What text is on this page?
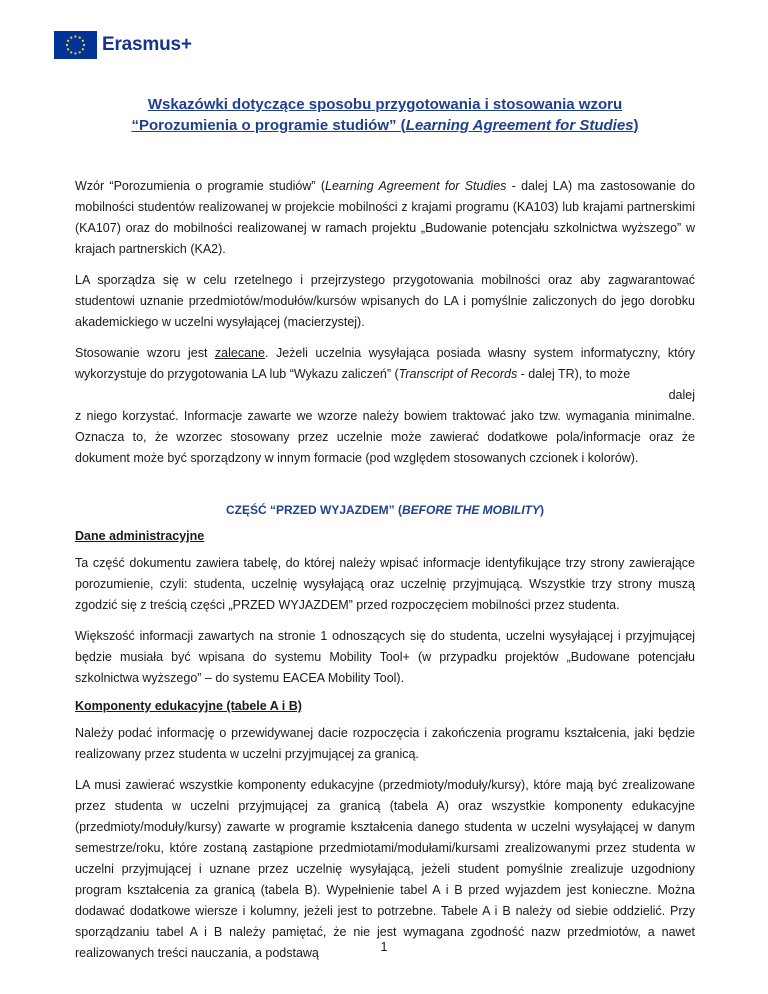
Erasmus+
Wskazówki dotyczące sposobu przygotowania i stosowania wzoru
“Porozumienia o programie studiów” (Learning Agreement for Studies)

Wzór “Porozumienia o programie studiów” (Learning Agreement for Studies - dalej LA) ma zastosowanie do mobilności studentów realizowanej w projekcie mobilności z krajami programu (KA103) lub krajami partnerskimi (KA107) oraz do mobilności realizowanej w ramach projektu „Budowanie potencjału szkolnictwa wyższego” w krajach partnerskich (KA2).

LA sporządza się w celu rzetelnego i przejrzystego przygotowania mobilności oraz aby zagwarantować studentowi uznanie przedmiotów/modułów/kursów wpisanych do LA i pomyślnie zaliczonych do jego dorobku akademickiego w uczelni wysyłającej (macierzystej).

Stosowanie wzoru jest zalecane. Jeżeli uczelnia wysyłająca posiada własny system informatyczny, który wykorzystuje do przygotowania LA lub “Wykazu zaliczeń” (Transcript of Records - dalej TR), to może
dalej
z niego korzystać. Informacje zawarte we wzorze należy bowiem traktować jako tzw. wymagania minimalne. Oznacza to, że wzorzec stosowany przez uczelnie może zawierać dodatkowe pola/informacje oraz że dokument może być sporządzony w innym formacie (pod względem stosowanych czcionek i kolorów).

CZĘŚĆ “PRZED WYJAZDEM” (BEFORE THE MOBILITY)
Dane administracyjne

Ta część dokumentu zawiera tabelę, do której należy wpisać informacje identyfikujące trzy strony zawierające porozumienie, czyli: studenta, uczelnię wysyłającą oraz uczelnię przyjmującą. Wszystkie trzy strony muszą zgodzić się z treścią części „PRZED WYJAZDEM” przed rozpoczęciem mobilności przez studenta.

Większość informacji zawartych na stronie 1 odnoszących się do studenta, uczelni wysyłającej i przyjmującej będzie musiała być wpisana do systemu Mobility Tool+ (w przypadku projektów „Budowane potencjału szkolnictwa wyższego” – do systemu EACEA Mobility Tool).

Komponenty edukacyjne (tabele A i B)

Należy podać informację o przewidywanej dacie rozpoczęcia i zakończenia programu kształcenia, jaki będzie realizowany przez studenta w uczelni przyjmującej za granicą.

LA musi zawierać wszystkie komponenty edukacyjne (przedmioty/moduły/kursy), które mają być zrealizowane przez studenta w uczelni przyjmującej za granicą (tabela A) oraz wszystkie komponenty edukacyjne (przedmioty/moduły/kursy) zawarte w programie kształcenia danego studenta w uczelni wysyłającej w danym semestrze/roku, które zostaną zastąpione przedmiotami/modułami/kursami zrealizowanymi przez studenta w uczelni przyjmującej i uznane przez uczelnię wysyłającą, jeżeli student pomyślnie zrealizuje uzgodniony program kształcenia za granicą (tabela B). Wypełnienie tabel A i B przed wyjazdem jest konieczne. Można dodawać dodatkowe wiersze i kolumny, jeżeli jest to potrzebne. Tabele A i B należy od siebie oddzielić. Przy sporządzaniu tabel A i B należy pamiętać, że nie jest wymagana zgodność nazw przedmiotów, a nawet realizowanych treści nauczania, a podstawą	1
